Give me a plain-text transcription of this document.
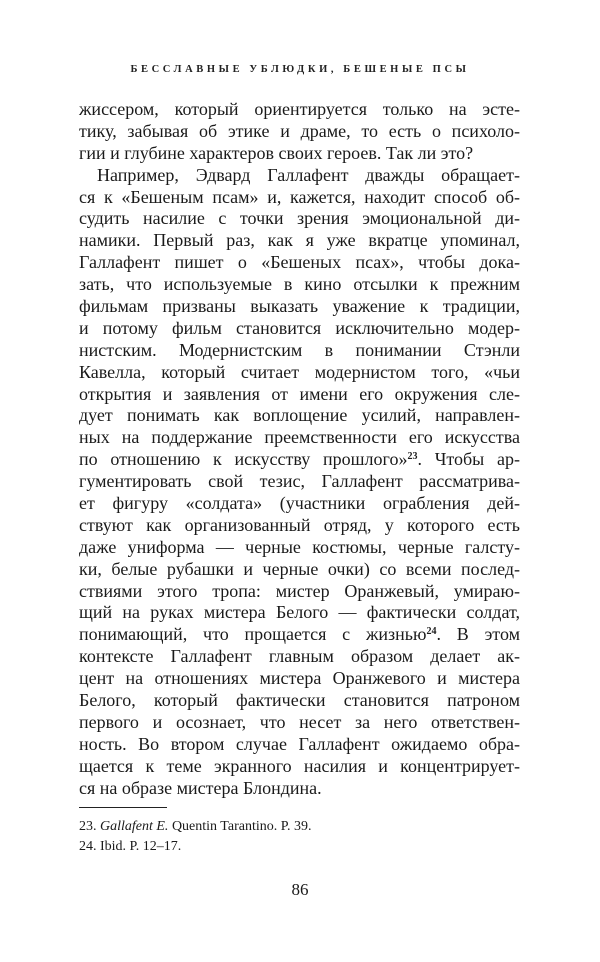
БЕССЛАВНЫЕ УБЛЮДКИ, БЕШЕНЫЕ ПСЫ
жиссером, который ориентируется только на эсте-
тику, забывая об этике и драме, то есть о психоло-
гии и глубине характеров своих героев. Так ли это?
Например, Эдвард Галлафент дважды обращает-
ся к «Бешеным псам» и, кажется, находит способ об-
судить насилие с точки зрения эмоциональной ди-
намики. Первый раз, как я уже вкратце упоминал,
Галлафент пишет о «Бешеных псах», чтобы дока-
зать, что используемые в кино отсылки к прежним
фильмам призваны выказать уважение к традиции,
и потому фильм становится исключительно модер-
нистским. Модернистским в понимании Стэнли
Кавелла, который считает модернистом того, «чьи
открытия и заявления от имени его окружения сле-
дует понимать как воплощение усилий, направлен-
ных на поддержание преемственности его искусства
по отношению к искусству прошлого»$^{23}$. Чтобы ар-
гументировать свой тезис, Галлафент рассматрива-
ет фигуру «солдата» (участники ограбления дей-
ствуют как организованный отряд, у которого есть
даже униформа — черные костюмы, черные галсту-
ки, белые рубашки и черные очки) со всеми послед-
ствиями этого тропа: мистер Оранжевый, умираю-
щий на руках мистера Белого — фактически солдат,
понимающий, что прощается с жизнью$^{24}$. В этом
контексте Галлафент главным образом делает ак-
цент на отношениях мистера Оранжевого и мистера
Белого, который фактически становится патроном
первого и осознает, что несет за него ответствен-
ность. Во втором случае Галлафент ожидаемо обра-
щается к теме экранного насилия и концентрирует-
ся на образе мистера Блондина.
23. Gallafent E. Quentin Tarantino. P. 39.
24. Ibid. P. 12–17.
86
